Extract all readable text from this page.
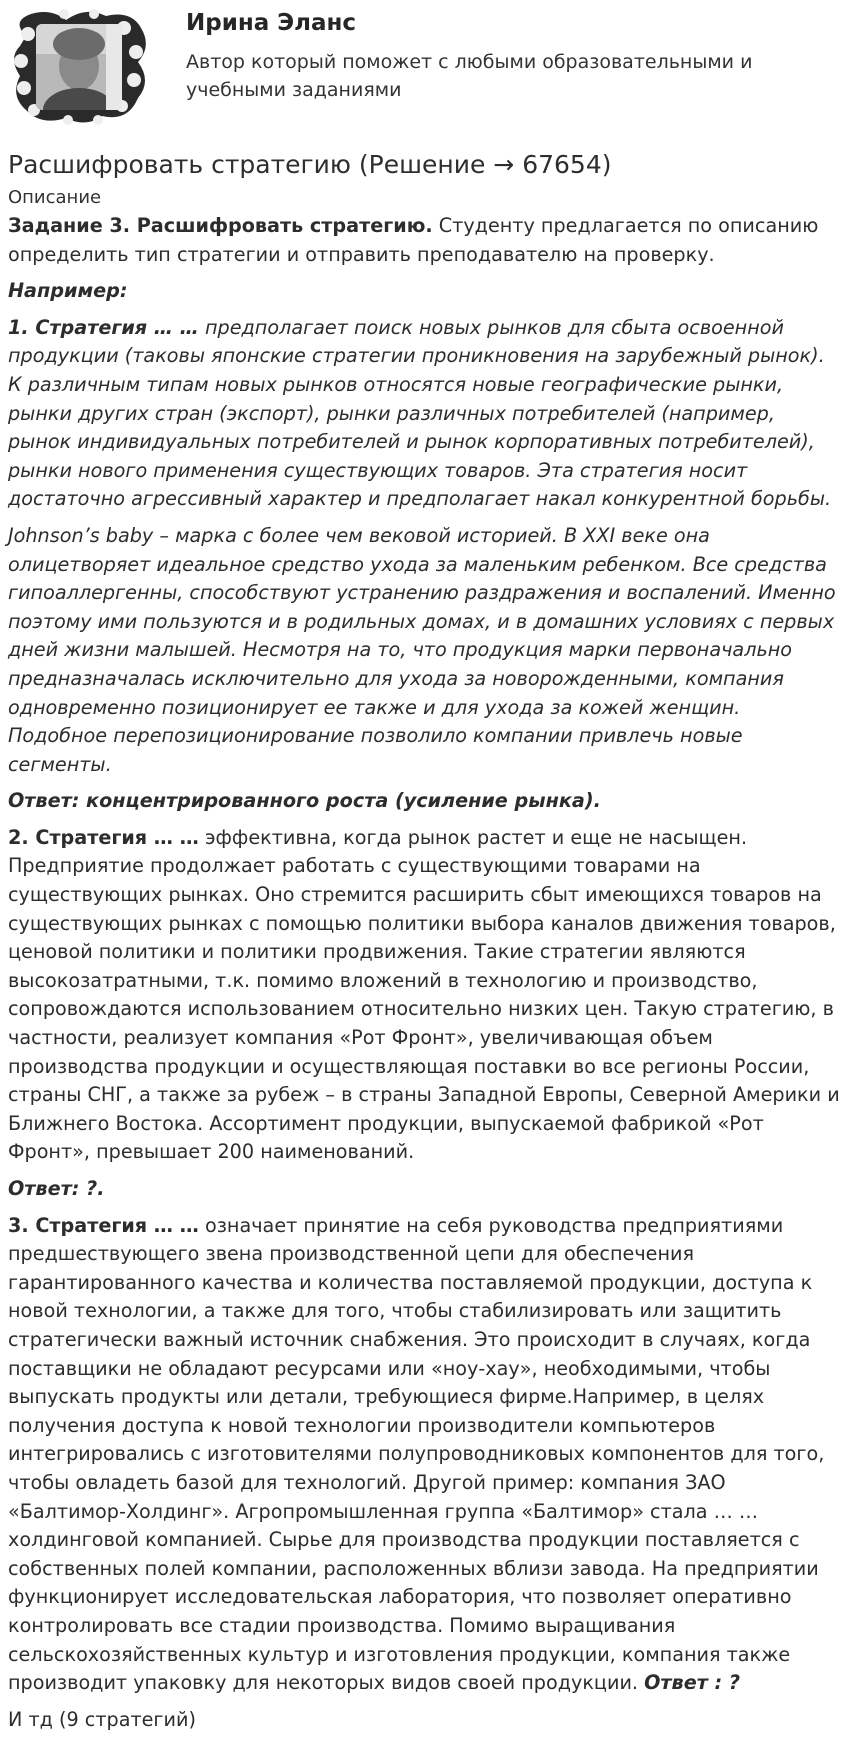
Ирина Эланс
Автор который поможет с любыми образовательными и учебными заданиями
Расшифровать стратегию (Решение → 67654)
Описание

Задание 3. Расшифровать стратегию. Студенту предлагается по описанию определить тип стратегии и отправить преподавателю на проверку.

Например:

1. Стратегия … … предполагает поиск новых рынков для сбыта освоенной продукции (таковы японские стратегии проникновения на зарубежный рынок). К различным типам новых рынков относятся новые географические рынки, рынки других стран (экспорт), рынки различных потребителей (например, рынок индивидуальных потребителей и рынок корпоративных потребителей), рынки нового применения существующих товаров. Эта стратегия носит достаточно агрессивный характер и предполагает накал конкурентной борьбы.

Johnson’s baby – марка с более чем вековой историей. В XXI веке она олицетворяет идеальное средство ухода за маленьким ребенком. Все средства гипоаллергенны, способствуют устранению раздражения и воспалений. Именно поэтому ими пользуются и в родильных домах, и в домашних условиях с первых дней жизни малышей. Несмотря на то, что продукция марки первоначально предназначалась исключительно для ухода за новорожденными, компания одновременно позиционирует ее также и для ухода за кожей женщин. Подобное перепозиционирование позволило компании привлечь новые сегменты.

Ответ: концентрированного роста (усиление рынка).

2. Стратегия … … эффективна, когда рынок растет и еще не насыщен. Предприятие продолжает работать с существующими товарами на существующих рынках. Оно стремится расширить сбыт имеющихся товаров на существующих рынках с помощью политики выбора каналов движения товаров, ценовой политики и политики продвижения. Такие стратегии являются высокозатратными, т.к. помимо вложений в технологию и производство, сопровождаются использованием относительно низких цен. Такую стратегию, в частности, реализует компания «Рот Фронт», увеличивающая объем производства продукции и осуществляющая поставки во все регионы России, страны СНГ, а также за рубеж – в страны Западной Европы, Северной Америки и Ближнего Востока. Ассортимент продукции, выпускаемой фабрикой «Рот Фронт», превышает 200 наименований.

Ответ: ?.

3. Стратегия … … означает принятие на себя руководства предприятиями предшествующего звена производственной цепи для обеспечения гарантированного качества и количества поставляемой продукции, доступа к новой технологии, а также для того, чтобы стабилизировать или защитить стратегически важный источник снабжения. Это происходит в случаях, когда поставщики не обладают ресурсами или «ноу-хау», необходимыми, чтобы выпускать продукты или детали, требующиеся фирме.Например, в целях получения доступа к новой технологии производители компьютеров интегрировались с изготовителями полупроводниковых компонентов для того, чтобы овладеть базой для технологий. Другой пример: компания ЗАО «Балтимор-Холдинг». Агропромышленная группа «Балтимор» стала … … холдинговой компанией. Сырье для производства продукции поставляется с собственных полей компании, расположенных вблизи завода. На предприятии функционирует исследовательская лаборатория, что позволяет оперативно контролировать все стадии производства. Помимо выращивания сельскохозяйственных культур и изготовления продукции, компания также производит упаковку для некоторых видов своей продукции. Ответ : ?

И тд (9 стратегий)
